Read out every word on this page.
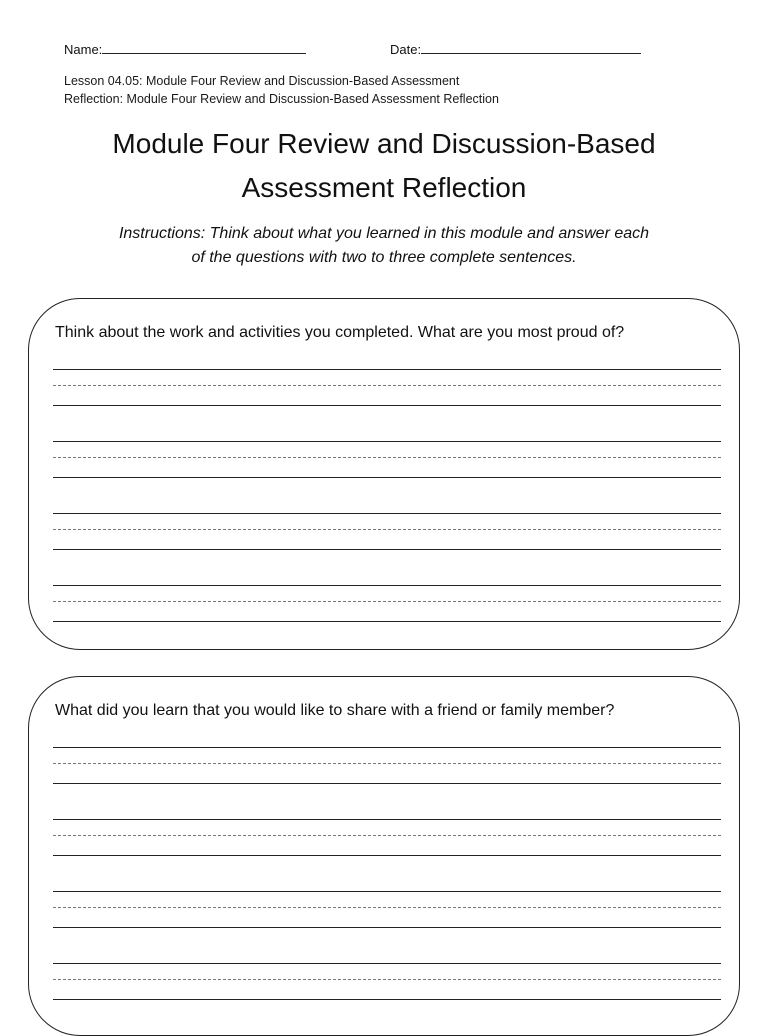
Name:	Date:
Lesson 04.05: Module Four Review and Discussion-Based Assessment
Reflection: Module Four Review and Discussion-Based Assessment Reflection
Module Four Review and Discussion-Based
Assessment Reflection
Instructions: Think about what you learned in this module and answer each
of the questions with two to three complete sentences.
Think about the work and activities you completed. What are you most proud of?
What did you learn that you would like to share with a friend or family member?
